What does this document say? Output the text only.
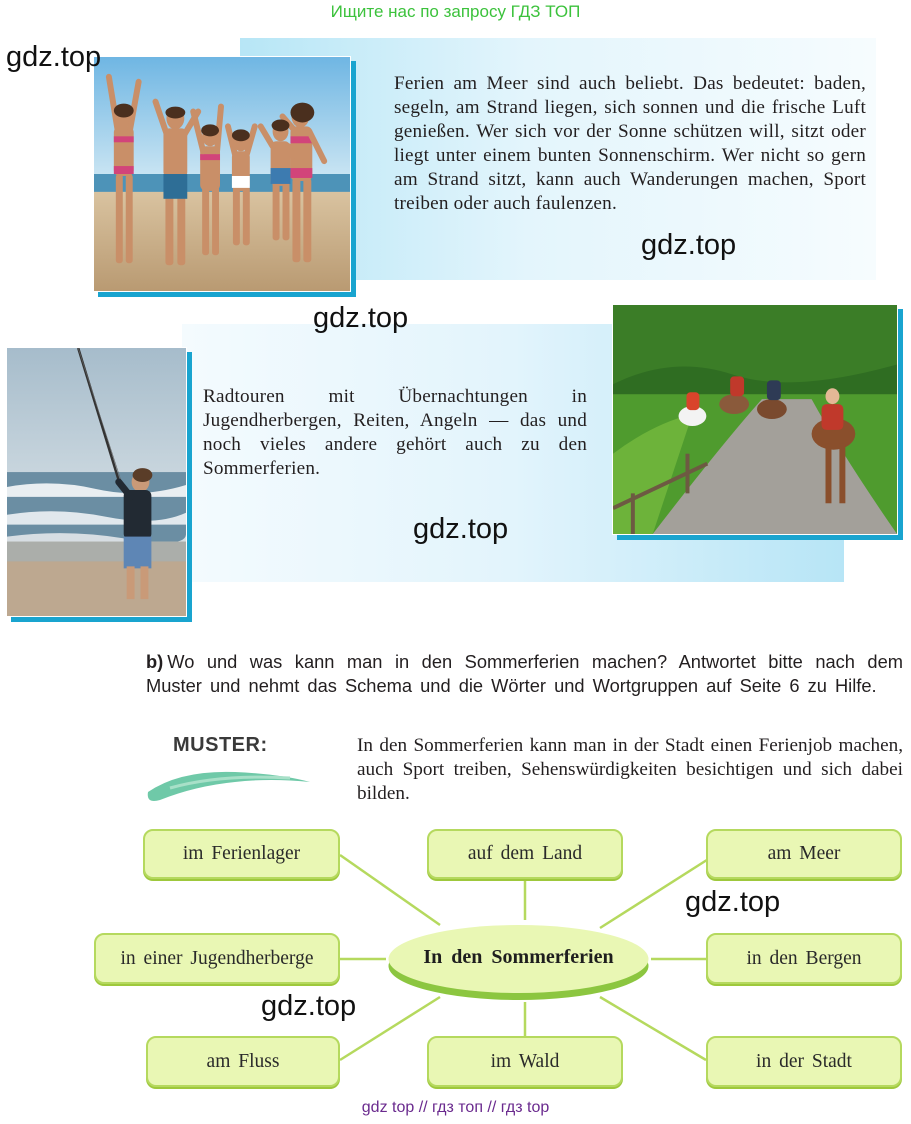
Ищите нас по запросу ГДЗ ТОП
Ferien am Meer sind auch beliebt. Das bedeutet: baden, segeln, am Strand liegen, sich sonnen und die frische Luft genießen. Wer sich vor der Sonne schützen will, sitzt oder liegt unter einem bunten Sonnenschirm. Wer nicht so gern am Strand sitzt, kann auch Wanderungen machen, Sport treiben oder auch faulenzen.
Radtouren mit Übernachtungen in Jugendherbergen, Reiten, Angeln — das und noch vieles andere gehört auch zu den Sommerferien.
gdz.top
gdz.top
gdz.top
gdz.top
gdz.top
gdz.top
b) Wo und was kann man in den Sommerferien machen? Antwortet bitte nach dem Muster und nehmt das Schema und die Wörter und Wortgruppen auf Seite 6 zu Hilfe.
MUSTER:	In den Sommerferien kann man in der Stadt einen Ferienjob machen, auch Sport treiben, Sehenswürdigkeiten besichtigen und sich dabei bilden.
In den Sommerferien
im Ferienlager	auf dem Land	am Meer
in einer Jugendherberge	in den Bergen
am Fluss	im Wald	in der Stadt
gdz top // гдз топ // гдз top
